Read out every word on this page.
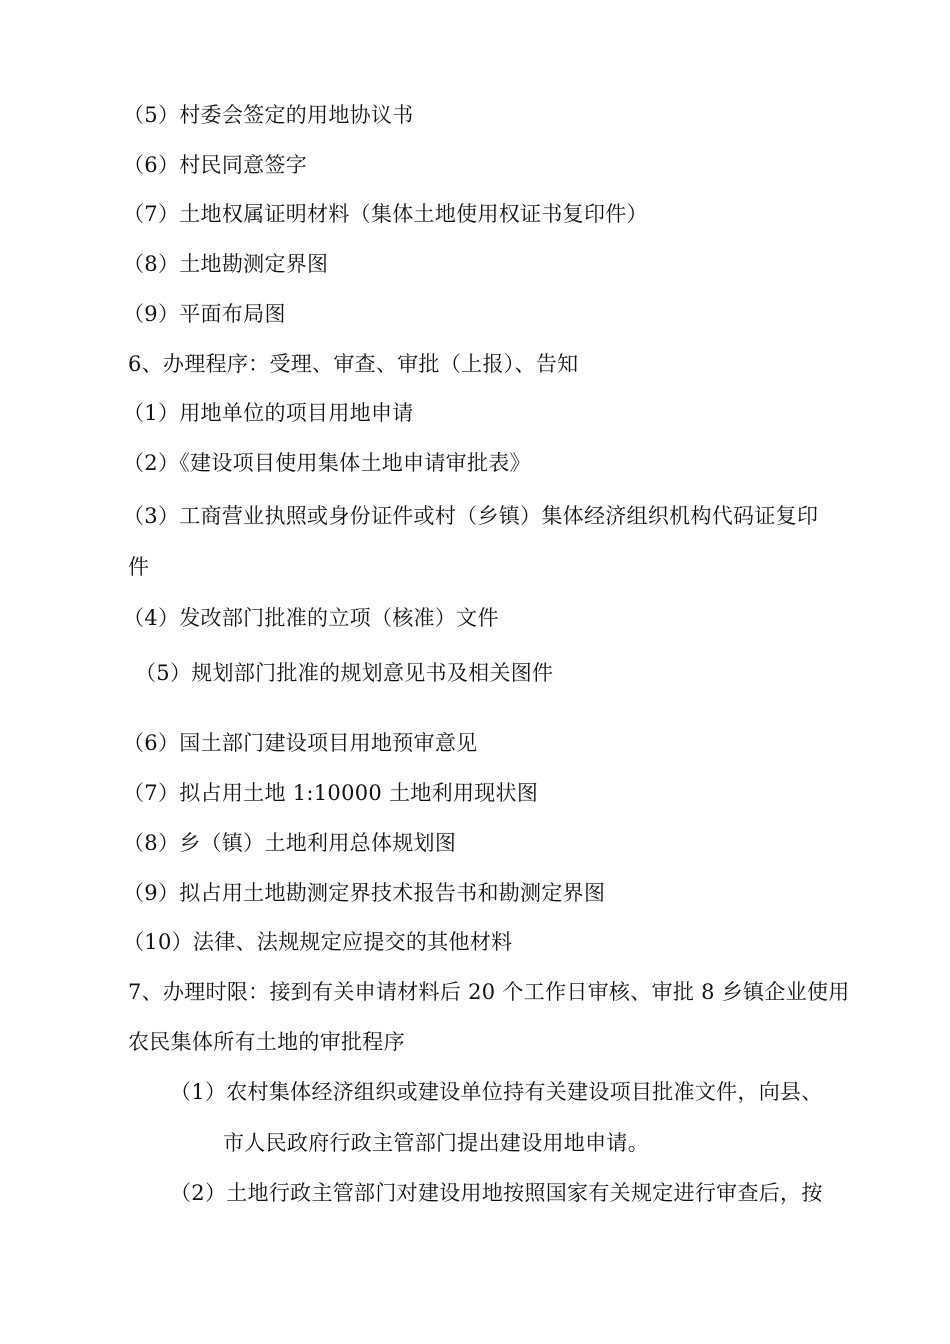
（5）村委会签定的用地协议书
（6）村民同意签字
（7）土地权属证明材料（集体土地使用权证书复印件）
（8）土地勘测定界图
（9）平面布局图
6、办理程序：受理、审查、审批（上报）、告知
（1）用地单位的项目用地申请
（2）《建设项目使用集体土地申请审批表》
（3）工商营业执照或身份证件或村（乡镇）集体经济组织机构代码证复印
件
（4）发改部门批准的立项（核准）文件
（5）规划部门批准的规划意见书及相关图件
（6）国土部门建设项目用地预审意见
（7）拟占用土地 1:10000 土地利用现状图
（8）乡（镇）土地利用总体规划图
（9）拟占用土地勘测定界技术报告书和勘测定界图
（10）法律、法规规定应提交的其他材料
7、办理时限：接到有关申请材料后 20 个工作日审核、审批 8 乡镇企业使用
农民集体所有土地的审批程序
（1）农村集体经济组织或建设单位持有关建设项目批准文件，向县、
市人民政府行政主管部门提出建设用地申请。
（2）土地行政主管部门对建设用地按照国家有关规定进行审查后，按
